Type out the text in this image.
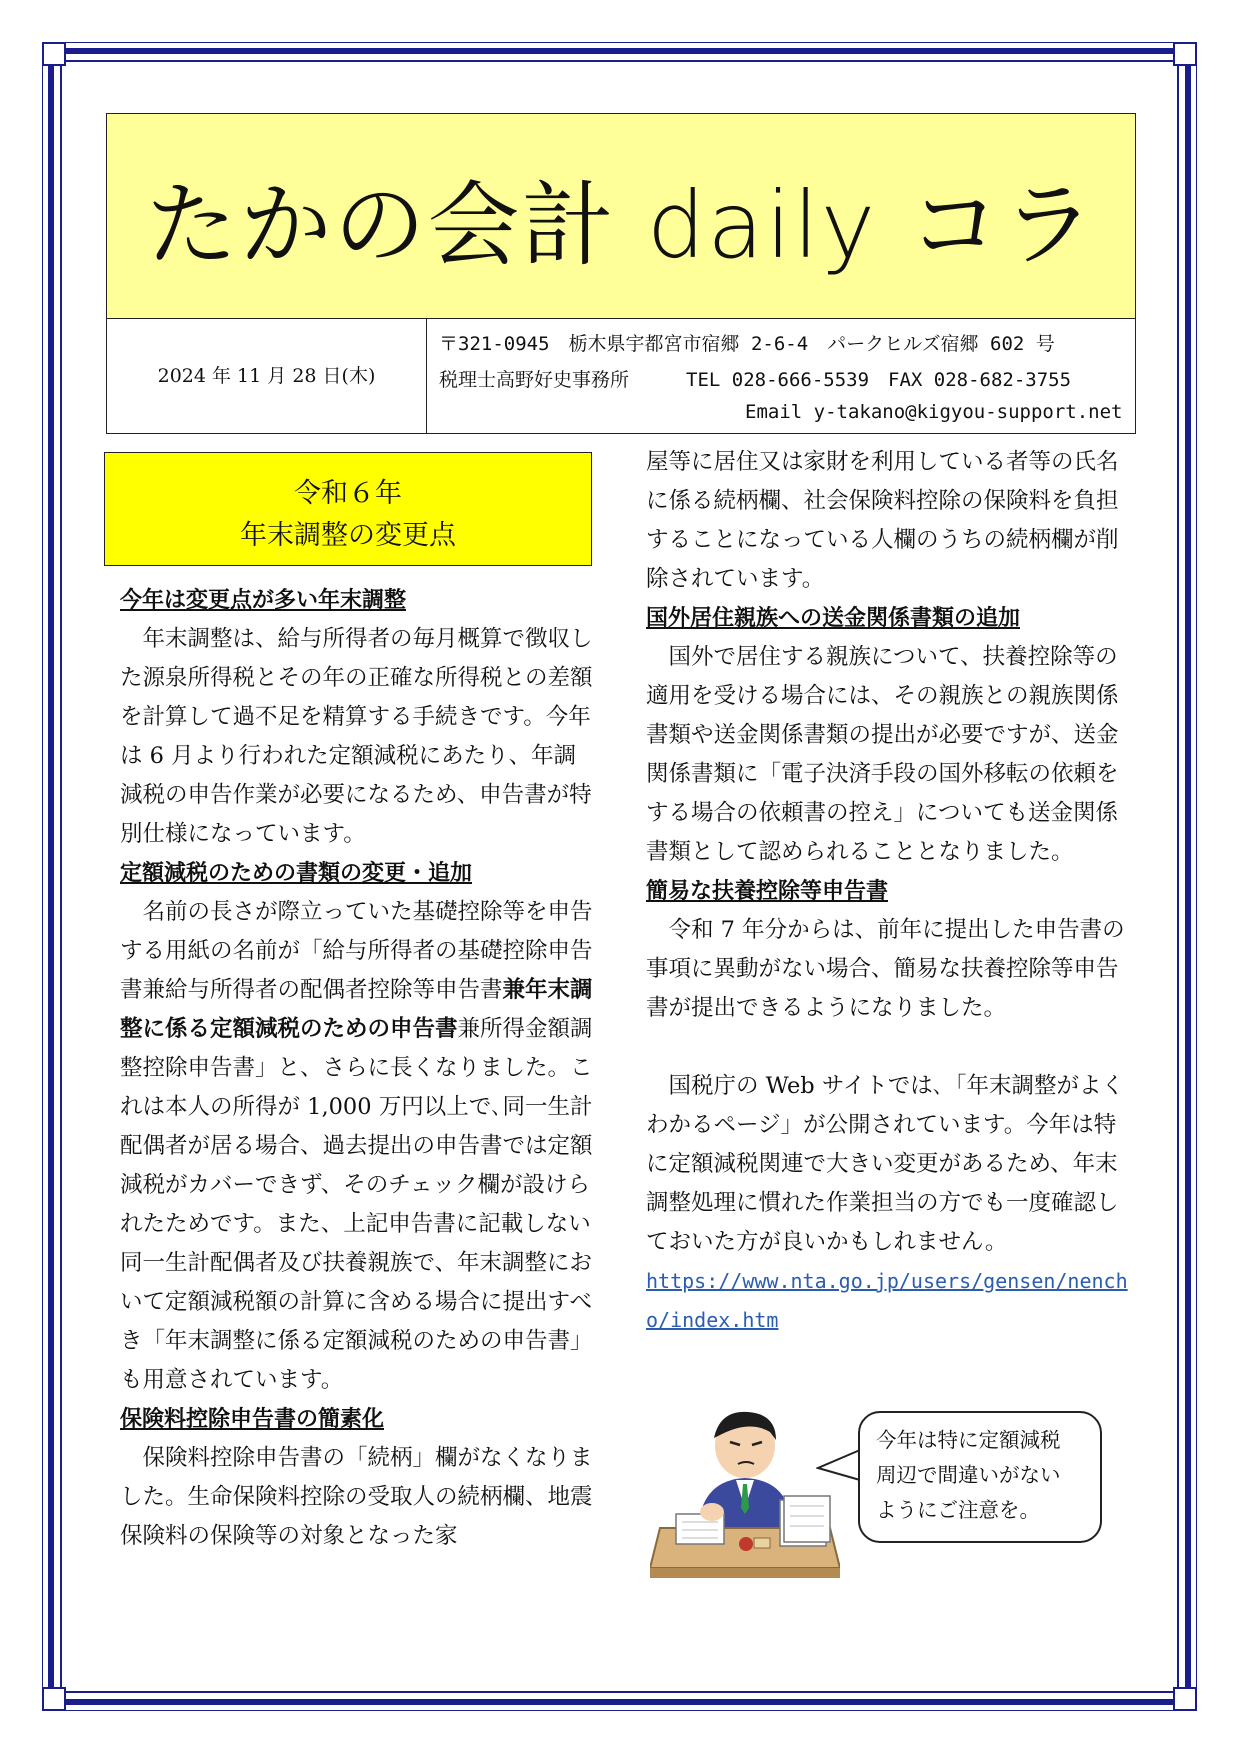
たかの会計 daily コラ
2024 年 11 月 28 日(木)
〒321-0945　栃木県宇都宮市宿郷 2-6-4　パークヒルズ宿郷 602 号
税理士高野好史事務所　　　TEL 028-666-5539　FAX 028-682-3755
Email y-takano@kigyou-support.net
令和６年
年末調整の変更点

今年は変更点が多い年末調整

年末調整は、給与所得者の毎月概算で徴収した源泉所得税とその年の正確な所得税との差額を計算して過不足を精算する手続きです。今年は 6 月より行われた定額減税にあたり、年調減税の申告作業が必要になるため、申告書が特別仕様になっています。

定額減税のための書類の変更・追加

名前の長さが際立っていた基礎控除等を申告する用紙の名前が「給与所得者の基礎控除申告書兼給与所得者の配偶者控除等申告書兼年末調整に係る定額減税のための申告書兼所得金額調整控除申告書」と、さらに長くなりました。これは本人の所得が 1,000 万円以上で､同一生計配偶者が居る場合、過去提出の申告書では定額減税がカバーできず、そのチェック欄が設けられたためです。また、上記申告書に記載しない同一生計配偶者及び扶養親族で、年末調整において定額減税額の計算に含める場合に提出すべき「年末調整に係る定額減税のための申告書」も用意されています。

保険料控除申告書の簡素化

保険料控除申告書の「続柄」欄がなくなりました。生命保険料控除の受取人の続柄欄、地震保険料の保険等の対象となった家

屋等に居住又は家財を利用している者等の氏名に係る続柄欄、社会保険料控除の保険料を負担することになっている人欄のうちの続柄欄が削除されています。

国外居住親族への送金関係書類の追加

国外で居住する親族について、扶養控除等の適用を受ける場合には、その親族との親族関係書類や送金関係書類の提出が必要ですが、送金関係書類に「電子決済手段の国外移転の依頼をする場合の依頼書の控え」についても送金関係書類として認められることとなりました。

簡易な扶養控除等申告書

令和 7 年分からは、前年に提出した申告書の事項に異動がない場合、簡易な扶養控除等申告書が提出できるようになりました。

国税庁の Web サイトでは､「年末調整がよくわかるページ」が公開されています。今年は特に定額減税関連で大きい変更があるため、年末調整処理に慣れた作業担当の方でも一度確認しておいた方が良いかもしれません。

https://www.nta.go.jp/users/gensen/nencho/index.htm

今年は特に定額減税
周辺で間違いがない
ようにご注意を。
